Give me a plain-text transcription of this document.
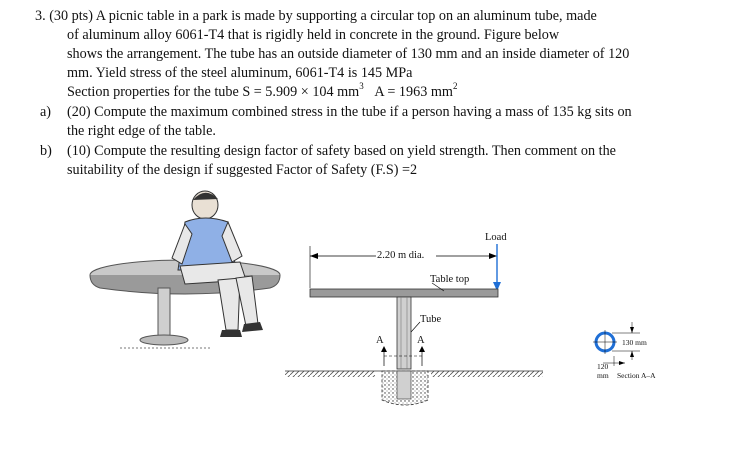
3. (30 pts) A picnic table in a park is made by supporting a circular top on an aluminum tube, made
of aluminum alloy 6061-T4 that is rigidly held in concrete in the ground. Figure below
shows the arrangement. The tube has an outside diameter of 130 mm and an inside diameter of 120
mm. Yield stress of the steel aluminum, 6061-T4 is 145 MPa
Section properties for the tube S = 5.909 × 104 $mm^3$ A = 1963 $mm^2$
a) (20) Compute the maximum combined stress in the tube if a person having a mass of 135 kg sits on
the right edge of the table.
b) (10) Compute the resulting design factor of safety based on yield strength. Then comment on the
suitability of the design if suggested Factor of Safety (F.S) =2
Load
2.20 m dia.
Table top
Tube
A	A	130 mm
120
mm Section A–A
